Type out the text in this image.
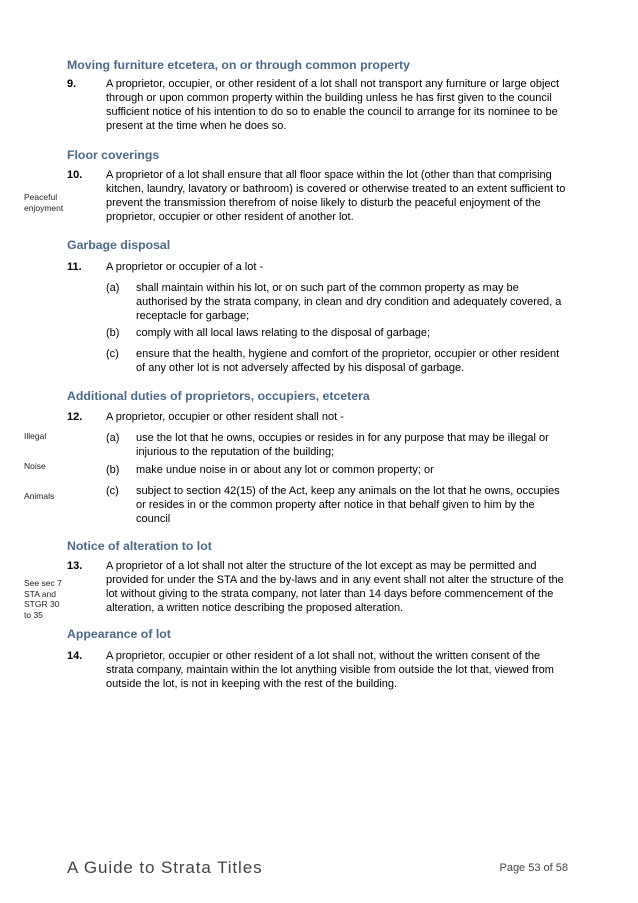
Moving furniture etcetera, on or through common property
9.	A proprietor, occupier, or other resident of a lot shall not transport any furniture or large object through or upon common property within the building unless he has first given to the council sufficient notice of his intention to do so to enable the council to arrange for its nominee to be present at the time when he does so.
Floor coverings
10. A proprietor of a lot shall ensure that all floor space within the lot (other than that comprising kitchen, laundry, lavatory or bathroom) is covered or otherwise treated to an extent sufficient to prevent the transmission therefrom of noise likely to disturb the peaceful enjoyment of the proprietor, occupier or other resident of another lot.
Peaceful enjoyment
Garbage disposal
11. A proprietor or occupier of a lot -
(a) shall maintain within his lot, or on such part of the common property as may be authorised by the strata company, in clean and dry condition and adequately covered, a receptacle for garbage;
(b) comply with all local laws relating to the disposal of garbage;
(c) ensure that the health, hygiene and comfort of the proprietor, occupier or other resident of any other lot is not adversely affected by his disposal of garbage.
Additional duties of proprietors, occupiers, etcetera
12. A proprietor, occupier or other resident shall not -
(a) use the lot that he owns, occupies or resides in for any purpose that may be illegal or injurious to the reputation of the building;
(b) make undue noise in or about any lot or common property; or
(c) subject to section 42(15) of the Act, keep any animals on the lot that he owns, occupies or resides in or the common property after notice in that behalf given to him by the council
Illegal
Noise
Animals
Notice of alteration to lot
13. A proprietor of a lot shall not alter the structure of the lot except as may be permitted and provided for under the STA and the by-laws and in any event shall not alter the structure of the lot without giving to the strata company, not later than 14 days before commencement of the alteration, a written notice describing the proposed alteration.
See sec 7 STA and STGR 30 to 35
Appearance of lot
14. A proprietor, occupier or other resident of a lot shall not, without the written consent of the strata company, maintain within the lot anything visible from outside the lot that, viewed from outside the lot, is not in keeping with the rest of the building.
A Guide to Strata Titles	Page 53 of 58
